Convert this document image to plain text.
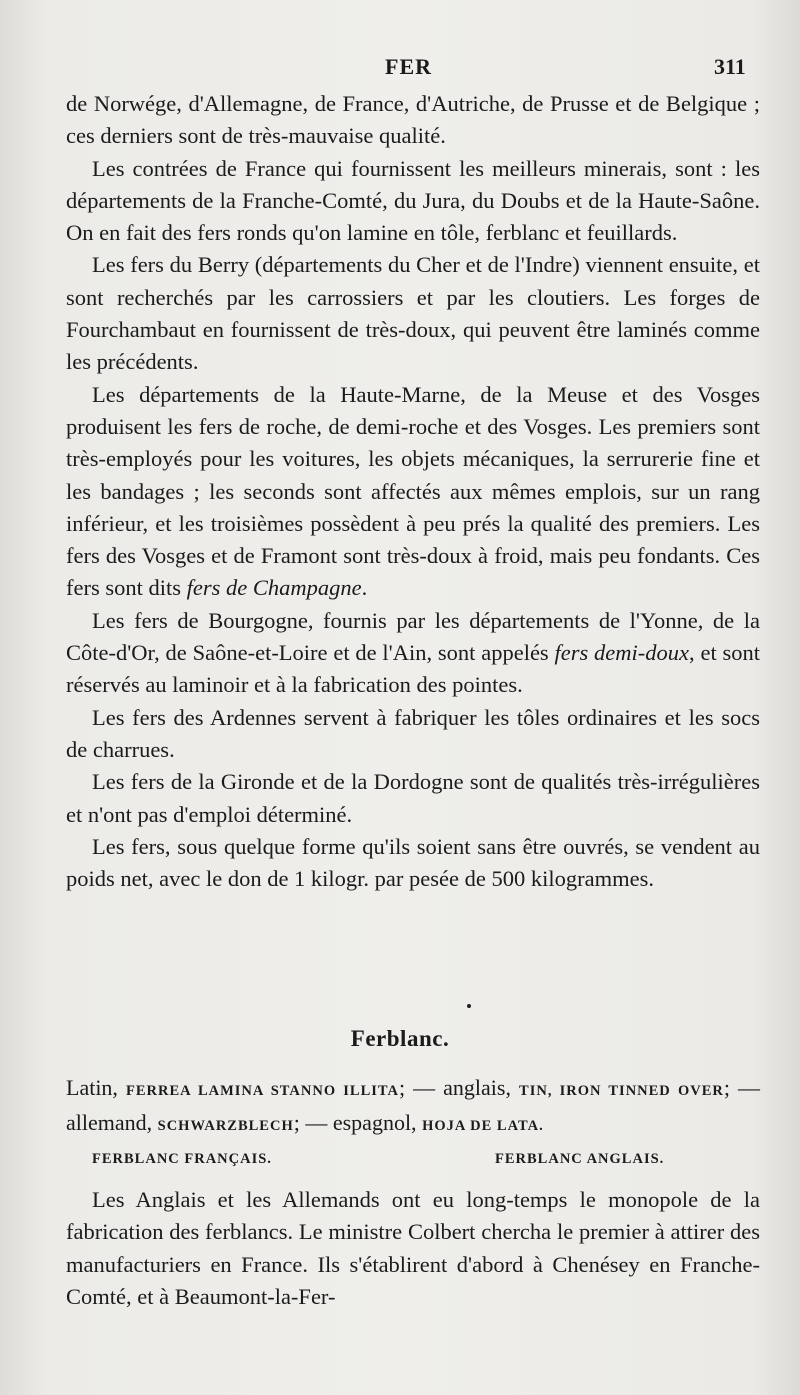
FER	311

de Norwége, d'Allemagne, de France, d'Autriche, de Prusse et de Belgique ; ces derniers sont de très-mauvaise qualité.

Les contrées de France qui fournissent les meilleurs minerais, sont : les départements de la Franche-Comté, du Jura, du Doubs et de la Haute-Saône. On en fait des fers ronds qu'on lamine en tôle, ferblanc et feuillards.

Les fers du Berry (départements du Cher et de l'Indre) viennent ensuite, et sont recherchés par les carrossiers et par les cloutiers. Les forges de Fourchambaut en fournissent de très-doux, qui peuvent être laminés comme les précédents.

Les départements de la Haute-Marne, de la Meuse et des Vosges produisent les fers de roche, de demi-roche et des Vosges. Les premiers sont très-employés pour les voitures, les objets mécaniques, la serrurerie fine et les bandages ; les seconds sont affectés aux mêmes emplois, sur un rang inférieur, et les troisièmes possèdent à peu prés la qualité des premiers. Les fers des Vosges et de Framont sont très-doux à froid, mais peu fondants. Ces fers sont dits fers de Champagne.

Les fers de Bourgogne, fournis par les départements de l'Yonne, de la Côte-d'Or, de Saône-et-Loire et de l'Ain, sont appelés fers demi-doux, et sont réservés au laminoir et à la fabrication des pointes.

Les fers des Ardennes servent à fabriquer les tôles ordinaires et les socs de charrues.

Les fers de la Gironde et de la Dordogne sont de qualités très-irrégulières et n'ont pas d'emploi déterminé.

Les fers, sous quelque forme qu'ils soient sans être ouvrés, se vendent au poids net, avec le don de 1 kilogr. par pesée de 500 kilogrammes.

Ferblanc.
Latin, FERREA LAMINA STANNO ILLITA; — anglais, TIN, IRON TINNED OVER; — allemand, SCHWARZBLECH; — espagnol, HOJA DE LATA.
FERBLANC FRANÇAIS.	FERBLANC ANGLAIS.

Les Anglais et les Allemands ont eu long-temps le monopole de la fabrication des ferblancs. Le ministre Colbert chercha le premier à attirer des manufacturiers en France. Ils s'établirent d'abord à Chenésey en Franche-Comté, et à Beaumont-la-Fer-
